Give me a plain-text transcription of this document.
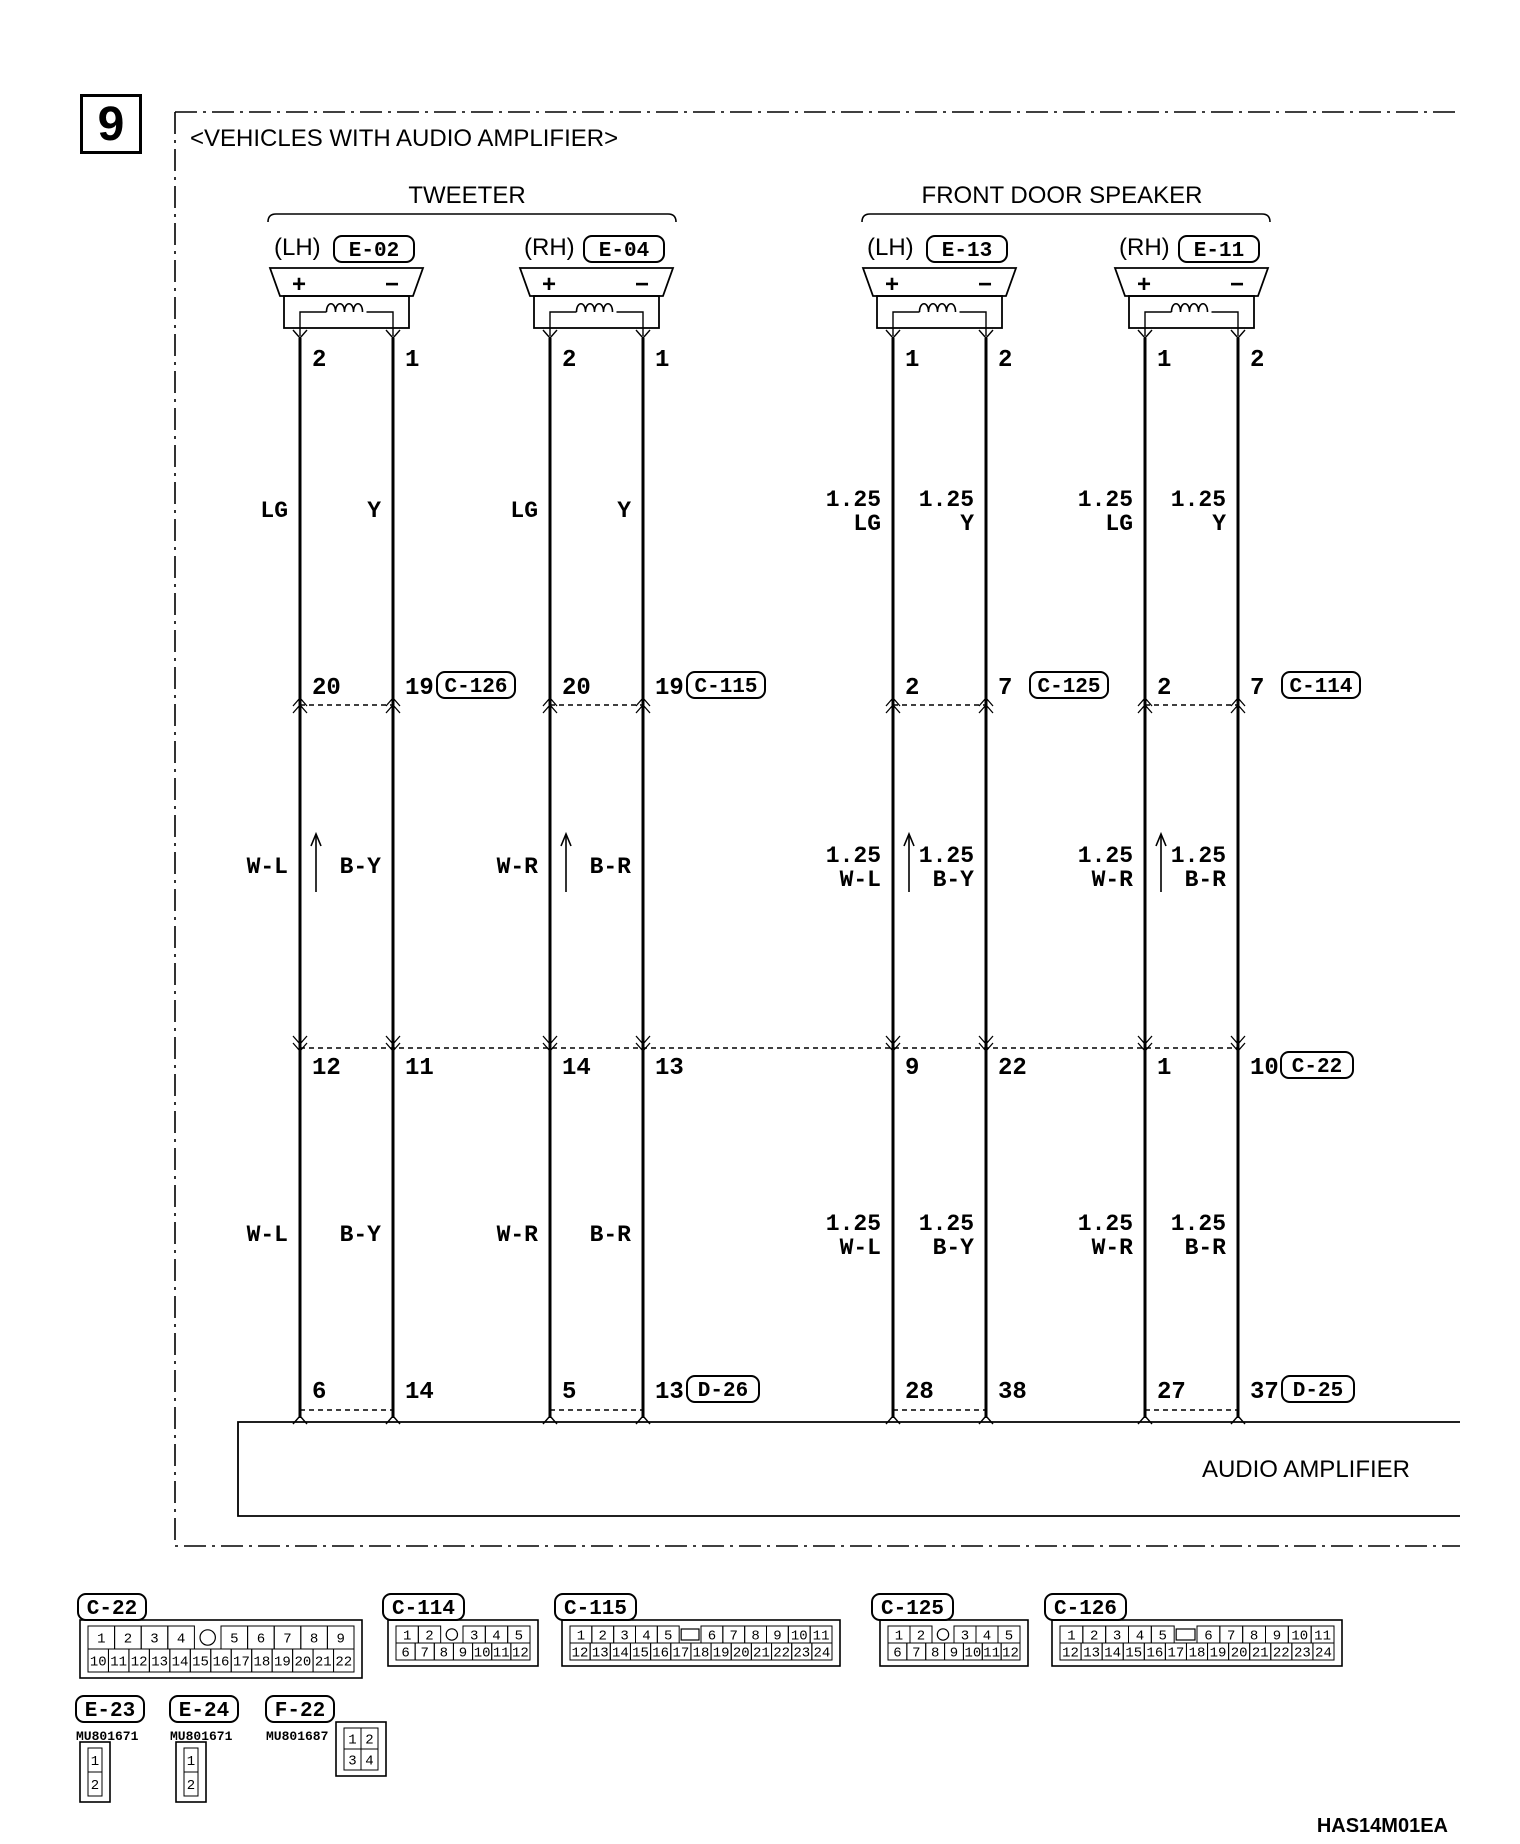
9	<VEHICLES WITH AUDIO AMPLIFIER>
TWEETER	FRONT DOOR SPEAKER
(LH) E-02
+	−
2
20
12
6
LG
W-L
W-L
1
19
11
14
Y
B-Y
B-Y
C-126
(RH) E-04
+	−
2
20
14
5
LG
W-R
W-R
1
19
13
13
Y
B-R
B-R
C-115
D-26
(LH) E-13
+	−
1
2
9
28
1.25
LG
1.25
W-L
1.25
W-L
2
7
22
38
1.25
Y
1.25
B-Y
1.25
B-Y
C-125
(RH) E-11
+	−
1
2
1
27
1.25
LG
1.25
W-R
1.25
W-R
2
7
10
37
1.25
Y
1.25
B-R
1.25
B-R
C-114
D-25
C-22
AUDIO AMPLIFIER
C-22
1 2 3 4	5 6 7 8 9
10 11 12 13 14 15 16 17 18 19 20 21 22
C-114
1 2	3 4 5
6 7 8 9 10 11 12
C-115
1 2 3 4 5	6 7 8 9 10 11
12 13 14 15 16 17 18 19 20 21 22 23 24
C-125
1 2	3 4 5
6 7 8 9 10 11 12
C-126
1 2 3 4 5	6 7 8 9 10 11
12 13 14 15 16 17 18 19 20 21 22 23 24
E-23
MU801671
1
2
E-24
MU801671
1
2
F-22
MU801687 1 2
3 4
HAS14M01EA
